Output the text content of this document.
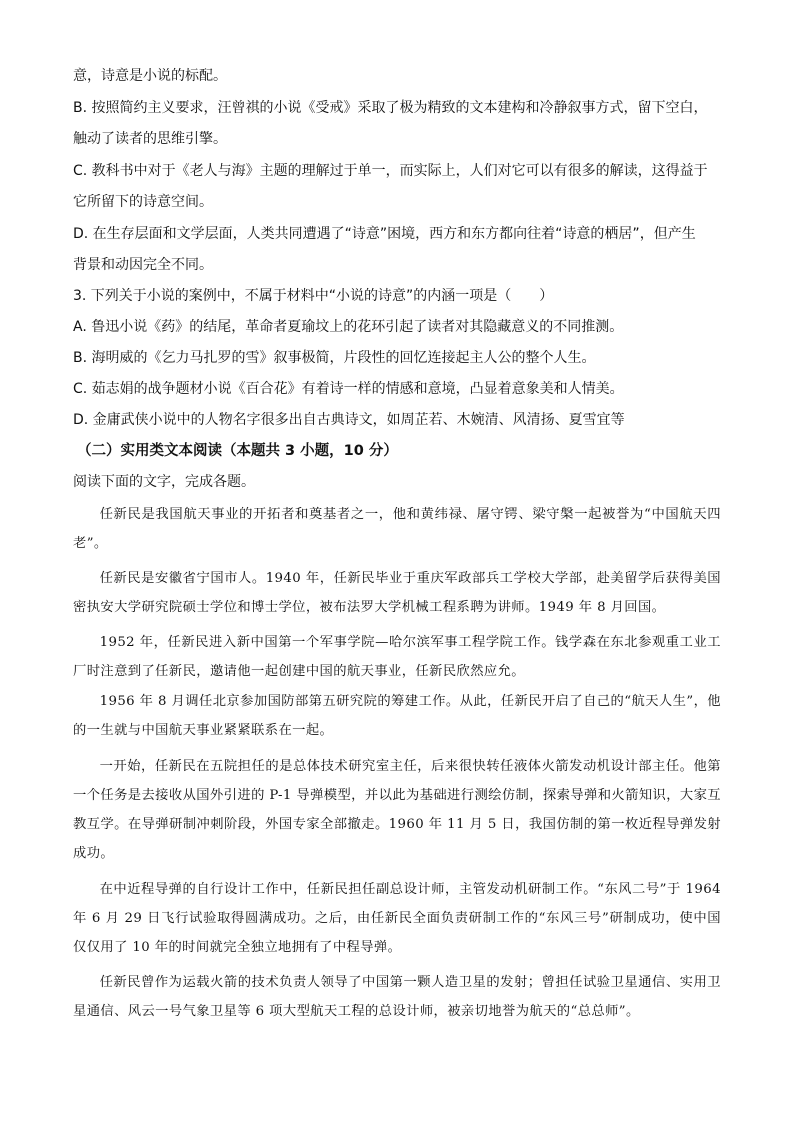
意，诗意是小说的标配。
B. 按照简约主义要求，汪曾祺的小说《受戒》采取了极为精致的文本建构和冷静叙事方式，留下空白，
触动了读者的思维引擎。
C. 教科书中对于《老人与海》主题的理解过于单一，而实际上，人们对它可以有很多的解读，这得益于
它所留下的诗意空间。
D. 在生存层面和文学层面，人类共同遭遇了“诗意”困境，西方和东方都向往着“诗意的栖居”，但产生
背景和动因完全不同。
3. 下列关于小说的案例中，不属于材料中“小说的诗意”的内涵一项是（　　）
A. 鲁迅小说《药》的结尾，革命者夏瑜坟上的花环引起了读者对其隐藏意义的不同推测。
B. 海明威的《乞力马扎罗的雪》叙事极简，片段性的回忆连接起主人公的整个人生。
C. 茹志娟的战争题材小说《百合花》有着诗一样的情感和意境，凸显着意象美和人情美。
D. 金庸武侠小说中的人物名字很多出自古典诗文，如周芷若、木婉清、风清扬、夏雪宜等
（二）实用类文本阅读（本题共 3 小题，10 分）
阅读下面的文字，完成各题。
任新民是我国航天事业的开拓者和奠基者之一，他和黄纬禄、屠守锷、梁守槃一起被誉为“中国航天四老”。
任新民是安徽省宁国市人。1940 年，任新民毕业于重庆军政部兵工学校大学部，赴美留学后获得美国密执安大学研究院硕士学位和博士学位，被布法罗大学机械工程系聘为讲师。1949 年 8 月回国。
1952 年，任新民进入新中国第一个军事学院—哈尔滨军事工程学院工作。钱学森在东北参观重工业工厂时注意到了任新民，邀请他一起创建中国的航天事业，任新民欣然应允。
1956 年 8 月调任北京参加国防部第五研究院的筹建工作。从此，任新民开启了自己的“航天人生”，他的一生就与中国航天事业紧紧联系在一起。
一开始，任新民在五院担任的是总体技术研究室主任，后来很快转任液体火箭发动机设计部主任。他第一个任务是去接收从国外引进的 P-1 导弹模型，并以此为基础进行测绘仿制，探索导弹和火箭知识，大家互教互学。在导弹研制冲刺阶段，外国专家全部撤走。1960 年 11 月 5 日，我国仿制的第一枚近程导弹发射成功。
在中近程导弹的自行设计工作中，任新民担任副总设计师，主管发动机研制工作。“东风二号”于 1964 年 6 月 29 日飞行试验取得圆满成功。之后，由任新民全面负责研制工作的“东风三号”研制成功，使中国仅仅用了 10 年的时间就完全独立地拥有了中程导弹。
任新民曾作为运载火箭的技术负责人领导了中国第一颗人造卫星的发射；曾担任试验卫星通信、实用卫星通信、风云一号气象卫星等 6 项大型航天工程的总设计师，被亲切地誉为航天的“总总师”。
